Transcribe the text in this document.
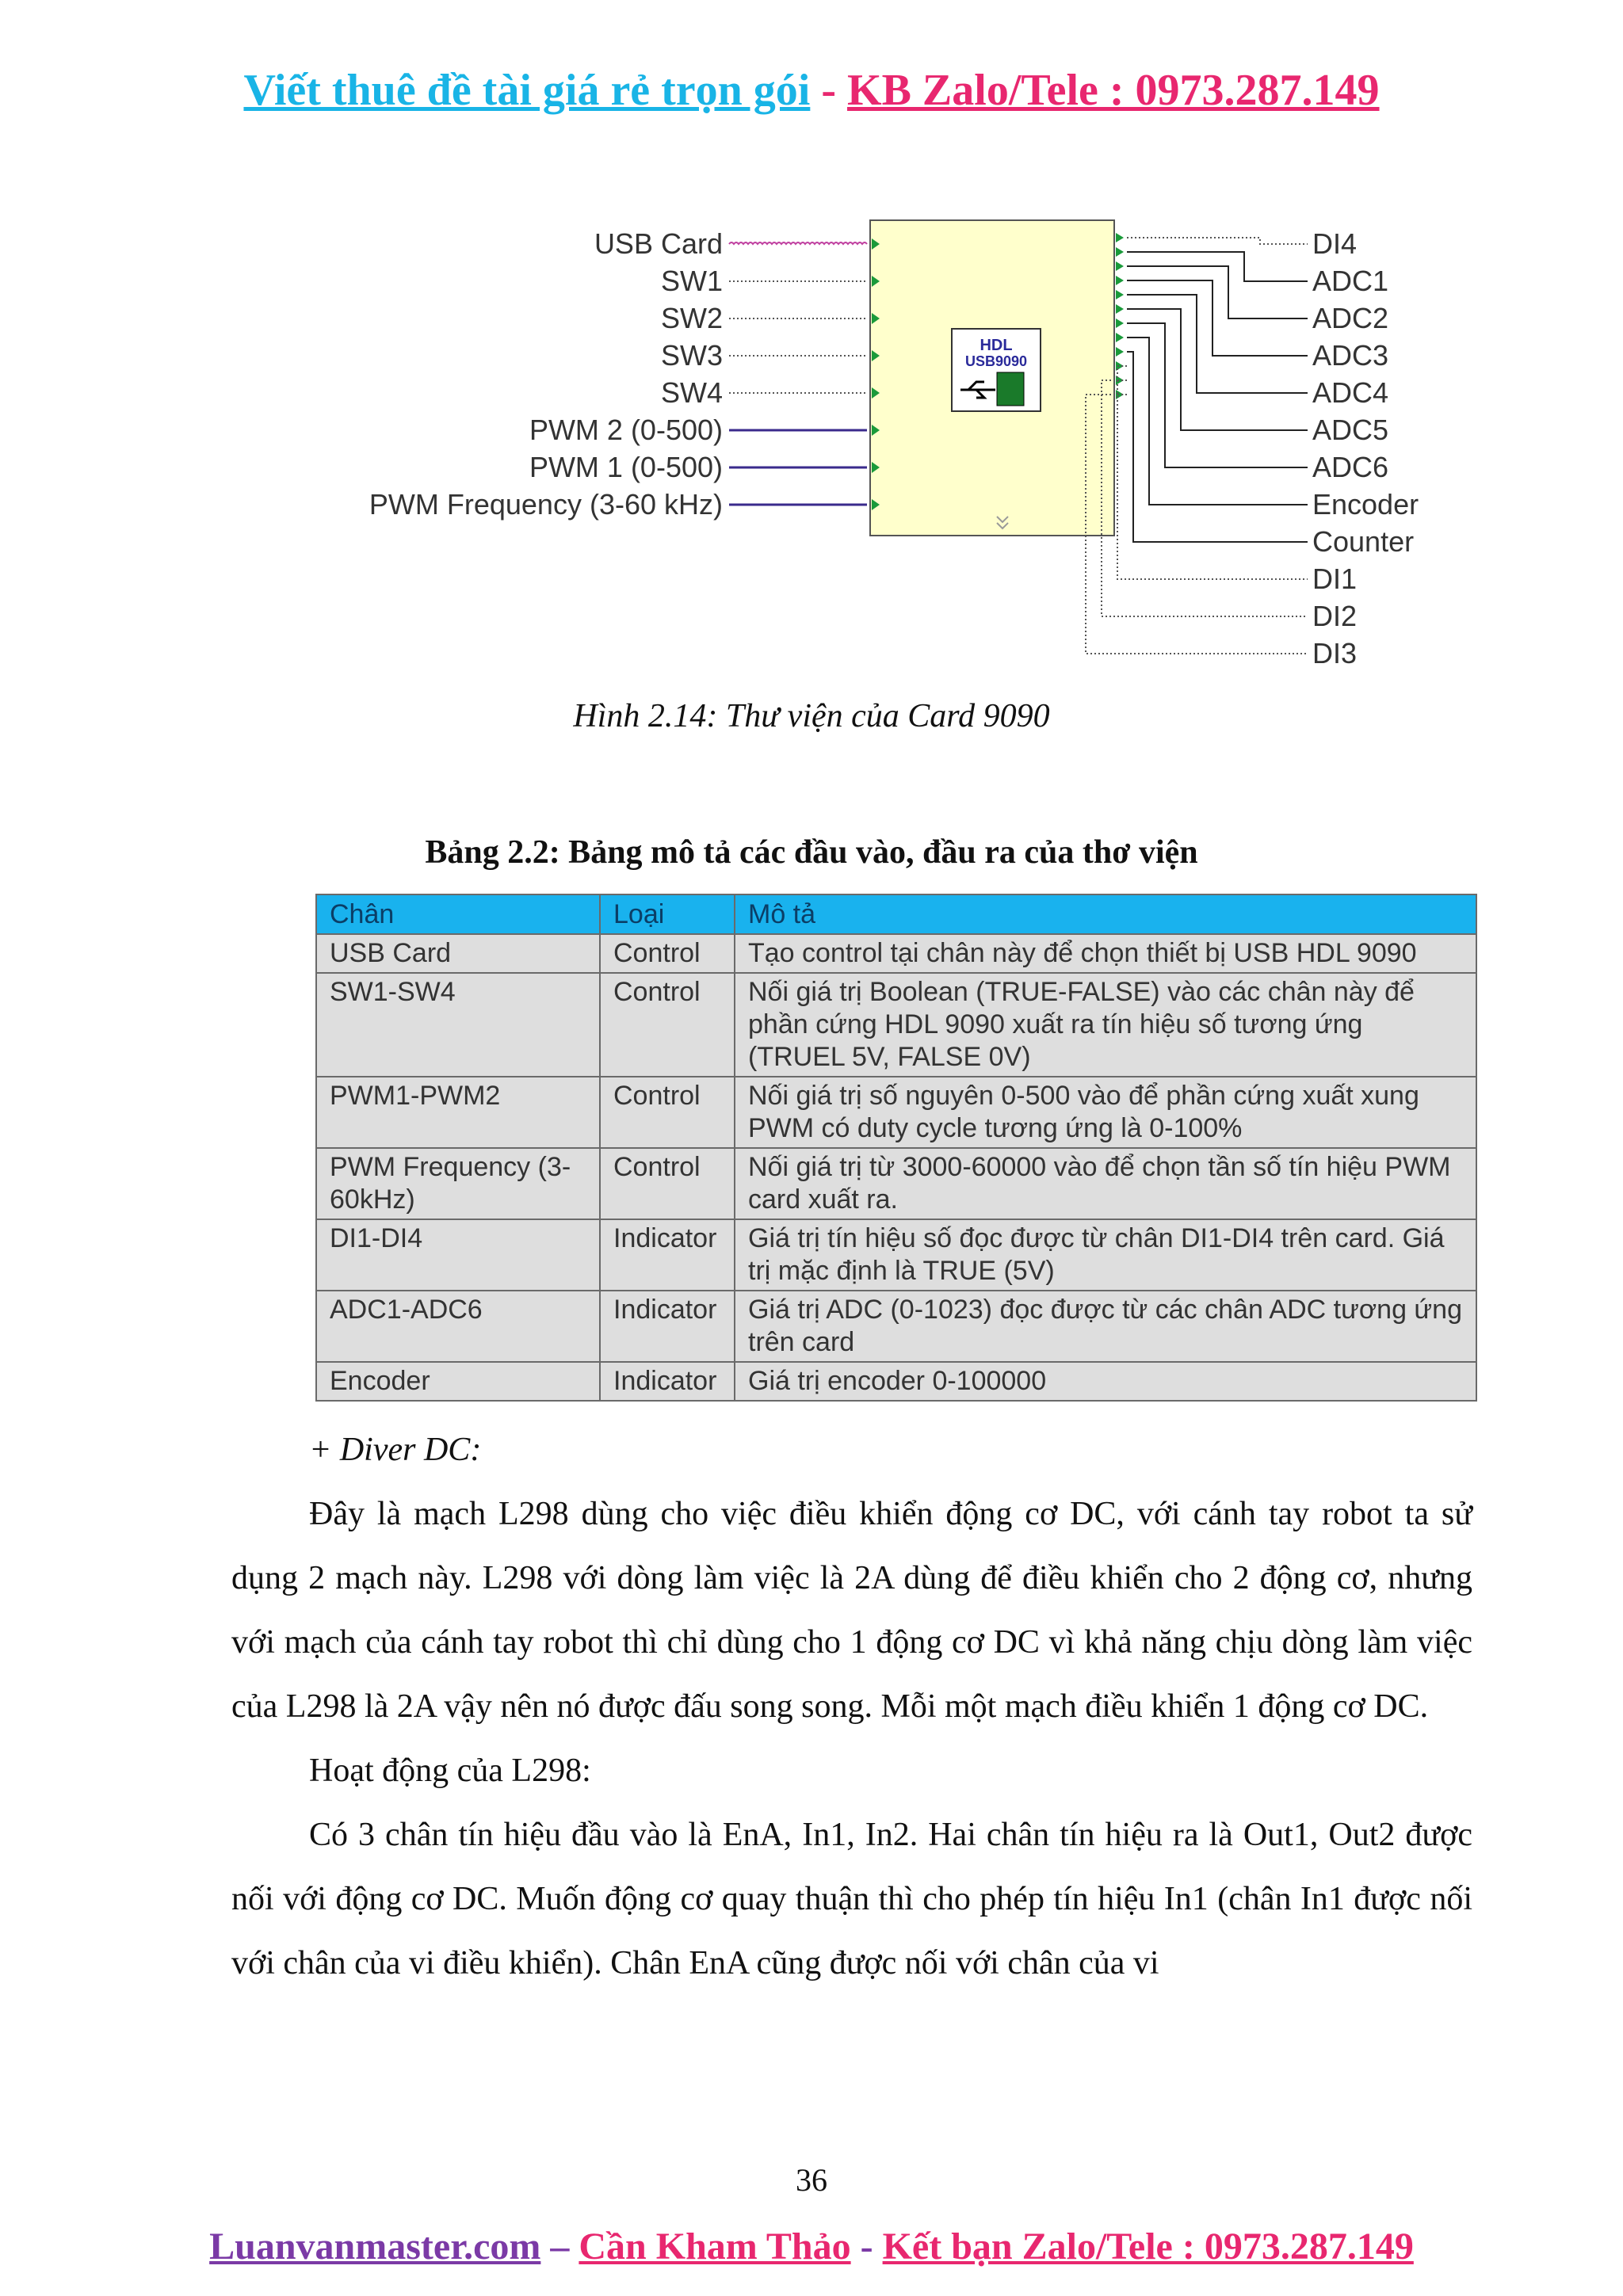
Viết thuê đề tài giá rẻ trọn gói - KB Zalo/Tele : 0973.287.149
USB Card
SW1
SW2
SW3
SW4
PWM 2 (0-500)
PWM 1 (0-500)
PWM Frequency (3-60 kHz)
HDL
USB9090
DI4
ADC1
ADC2
ADC3
ADC4
ADC5
ADC6
Encoder
Counter
DI1
DI2
DI3
Hình 2.14: Thư viện của Card 9090
Bảng 2.2: Bảng mô tả các đầu vào, đầu ra của thơ viện
Chân	Loại	Mô tả
USB Card	Control	Tạo control tại chân này để chọn thiết bị USB HDL 9090
SW1-SW4	Control	Nối giá trị Boolean (TRUE-FALSE) vào các chân này để phần cứng HDL 9090 xuất ra tín hiệu số tương ứng (TRUEL 5V, FALSE 0V)
PWM1-PWM2	Control	Nối giá trị số nguyên 0-500 vào để phần cứng xuất xung PWM có duty cycle tương ứng là 0-100%
PWM Frequency (3-60kHz)	Control	Nối giá trị từ 3000-60000 vào để chọn tần số tín hiệu PWM card xuất ra.
DI1-DI4	Indicator	Giá trị tín hiệu số đọc được từ chân DI1-DI4 trên card. Giá trị mặc định là TRUE (5V)
ADC1-ADC6	Indicator	Giá trị ADC (0-1023) đọc được từ các chân ADC tương ứng trên card
Encoder	Indicator	Giá trị encoder 0-100000

+ Diver DC:

Đây là mạch L298 dùng cho việc điều khiển động cơ DC, với cánh tay robot ta sử dụng 2 mạch này. L298 với dòng làm việc là 2A dùng để điều khiển cho 2 động cơ, nhưng với mạch của cánh tay robot thì chỉ dùng cho 1 động cơ DC vì khả năng chịu dòng làm việc của L298 là 2A vậy nên nó được đấu song song. Mỗi một mạch điều khiển 1 động cơ DC.

Hoạt động của L298:

Có 3 chân tín hiệu đầu vào là EnA, In1, In2. Hai chân tín hiệu ra là Out1, Out2 được nối với động cơ DC. Muốn động cơ quay thuận thì cho phép tín hiệu In1 (chân In1 được nối với chân của vi điều khiển). Chân EnA cũng được nối với chân của vi

36
Luanvanmaster.com – Cần Kham Thảo - Kết bạn Zalo/Tele : 0973.287.149
